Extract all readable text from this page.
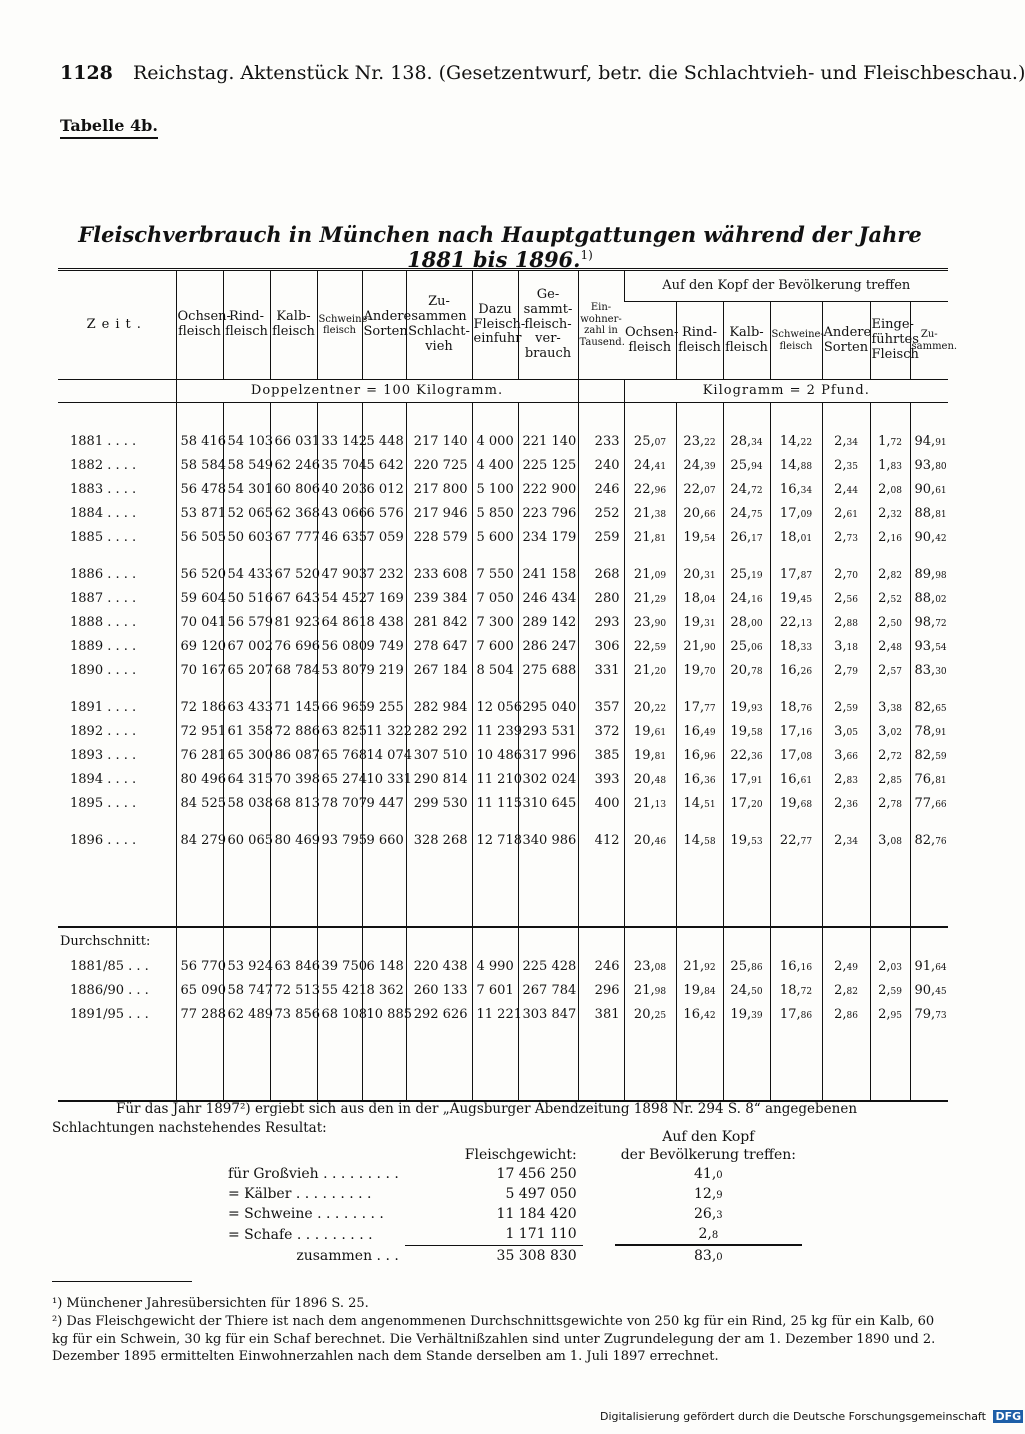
1128 Reichstag. Aktenstück Nr. 138. (Gesetzentwurf, betr. die Schlachtvieh- und Fleischbeschau.)
Tabelle 4b.
Fleischverbrauch in München nach Hauptgattungen während der Jahre 1881 bis 1896.$^{1)}$
Zeit.	Ochsen-fleisch	Rind-fleisch	Kalb-fleisch	Schweine-fleisch	Andere Sorten	Zu-sammen Schlacht-vieh	Dazu Fleisch-einfuhr	Ge-sammt-fleisch-ver-brauch	Ein-wohner-zahl in Tausend.	Auf den Kopf der Bevölkerung treffen						
										Ochsen-fleisch	Rind-fleisch	Kalb-fleisch	Schweine-fleisch	Andere Sorten	Einge-führtes Fleisch	Zu-sammen.
	Doppelzentner = 100 Kilogramm.									Kilogramm = 2 Pfund.						

1881 . . . .	58 416	54 103	66 031	33 142	5 448	217 140	4 000	221 140	233	25,07	23,22	28,34	14,22	2,34	1,72	94,91
1882 . . . .	58 584	58 549	62 246	35 704	5 642	220 725	4 400	225 125	240	24,41	24,39	25,94	14,88	2,35	1,83	93,80
1883 . . . .	56 478	54 301	60 806	40 203	6 012	217 800	5 100	222 900	246	22,96	22,07	24,72	16,34	2,44	2,08	90,61
1884 . . . .	53 871	52 065	62 368	43 066	6 576	217 946	5 850	223 796	252	21,38	20,66	24,75	17,09	2,61	2,32	88,81
1885 . . . .	56 505	50 603	67 777	46 635	7 059	228 579	5 600	234 179	259	21,81	19,54	26,17	18,01	2,73	2,16	90,42

1886 . . . .	56 520	54 433	67 520	47 903	7 232	233 608	7 550	241 158	268	21,09	20,31	25,19	17,87	2,70	2,82	89,98
1887 . . . .	59 604	50 516	67 643	54 452	7 169	239 384	7 050	246 434	280	21,29	18,04	24,16	19,45	2,56	2,52	88,02
1888 . . . .	70 041	56 579	81 923	64 861	8 438	281 842	7 300	289 142	293	23,90	19,31	28,00	22,13	2,88	2,50	98,72
1889 . . . .	69 120	67 002	76 696	56 080	9 749	278 647	7 600	286 247	306	22,59	21,90	25,06	18,33	3,18	2,48	93,54
1890 . . . .	70 167	65 207	68 784	53 807	9 219	267 184	8 504	275 688	331	21,20	19,70	20,78	16,26	2,79	2,57	83,30

1891 . . . .	72 186	63 433	71 145	66 965	9 255	282 984	12 056	295 040	357	20,22	17,77	19,93	18,76	2,59	3,38	82,65
1892 . . . .	72 951	61 358	72 886	63 825	11 322	282 292	11 239	293 531	372	19,61	16,49	19,58	17,16	3,05	3,02	78,91
1893 . . . .	76 281	65 300	86 087	65 768	14 074	307 510	10 486	317 996	385	19,81	16,96	22,36	17,08	3,66	2,72	82,59
1894 . . . .	80 496	64 315	70 398	65 274	10 331	290 814	11 210	302 024	393	20,48	16,36	17,91	16,61	2,83	2,85	76,81
1895 . . . .	84 525	58 038	68 813	78 707	9 447	299 530	11 115	310 645	400	21,13	14,51	17,20	19,68	2,36	2,78	77,66

1896 . . . .	84 279	60 065	80 469	93 795	9 660	328 268	12 718	340 986	412	20,46	14,58	19,53	22,77	2,34	3,08	82,76

Durchschnitt:																
1881/85 . . .	56 770	53 924	63 846	39 750	6 148	220 438	4 990	225 428	246	23,08	21,92	25,86	16,16	2,49	2,03	91,64
1886/90 . . .	65 090	58 747	72 513	55 421	8 362	260 133	7 601	267 784	296	21,98	19,84	24,50	18,72	2,82	2,59	90,45
1891/95 . . .	77 288	62 489	73 856	68 108	10 885	292 626	11 221	303 847	381	20,25	16,42	19,39	17,86	2,86	2,95	79,73

Für das Jahr 1897²) ergiebt sich aus den in der „Augsburger Abendzeitung 1898 Nr. 294 S. 8“ angegebenen Schlachtungen nachstehendes Resultat:
			Auf den Kopf
	Fleischgewicht:		der Bevölkerung treffen:
für Großvieh . . . . . . . . .	17 456 250		41,0
= Kälber . . . . . . . . .	5 497 050		12,9
= Schweine . . . . . . . .	11 184 420		26,3
= Schafe . . . . . . . . .	1 171 110		2,8
zusammen . . .	35 308 830		83,0
¹) Münchener Jahresübersichten für 1896 S. 25.
²) Das Fleischgewicht der Thiere ist nach dem angenommenen Durchschnittsgewichte von 250 kg für ein Rind, 25 kg für ein Kalb, 60 kg für ein Schwein, 30 kg für ein Schaf berechnet. Die Verhältnißzahlen sind unter Zugrundelegung der am 1. Dezember 1890 und 2. Dezember 1895 ermittelten Einwohnerzahlen nach dem Stande derselben am 1. Juli 1897 errechnet.
Digitalisierung gefördert durch die Deutsche Forschungsgemeinschaft DFG
